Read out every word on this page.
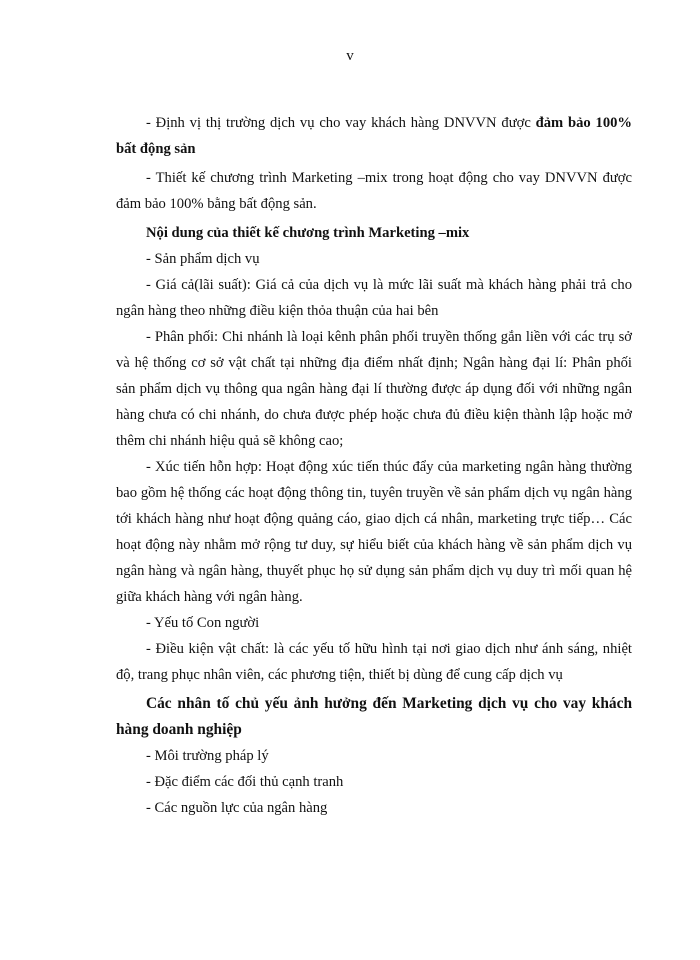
v

- Định vị thị trường dịch vụ cho vay khách hàng DNVVN được đảm bảo 100% bất động sản

- Thiết kế chương trình Marketing –mix trong hoạt động cho vay DNVVN được đảm bảo 100% bằng bất động sản.

Nội dung của thiết kế chương trình Marketing –mix

- Sản phẩm dịch vụ

- Giá cả(lãi suất): Giá cả của dịch vụ là mức lãi suất mà khách hàng phải trả cho ngân hàng theo những điều kiện thỏa thuận của hai bên

- Phân phối: Chi nhánh là loại kênh phân phối truyền thống gắn liền với các trụ sở và hệ thống cơ sở vật chất tại những địa điểm nhất định; Ngân hàng đại lí: Phân phối sản phẩm dịch vụ thông qua ngân hàng đại lí thường được áp dụng đối với những ngân hàng chưa có chi nhánh, do chưa được phép hoặc chưa đủ điều kiện thành lập hoặc mở thêm chi nhánh hiệu quả sẽ không cao;

- Xúc tiến hỗn hợp: Hoạt động xúc tiến thúc đẩy của marketing ngân hàng thường bao gồm hệ thống các hoạt động thông tin, tuyên truyền về sản phẩm dịch vụ ngân hàng tới khách hàng như hoạt động quảng cáo, giao dịch cá nhân, marketing trực tiếp… Các hoạt động này nhằm mở rộng tư duy, sự hiểu biết của khách hàng về sản phẩm dịch vụ ngân hàng và ngân hàng, thuyết phục họ sử dụng sản phẩm dịch vụ duy trì mối quan hệ giữa khách hàng với ngân hàng.

- Yếu tố Con người

- Điều kiện vật chất: là các yếu tố hữu hình tại nơi giao dịch như ánh sáng, nhiệt độ, trang phục nhân viên, các phương tiện, thiết bị dùng để cung cấp dịch vụ

Các nhân tố chủ yếu ảnh hưởng đến Marketing dịch vụ cho vay khách hàng doanh nghiệp

- Môi trường pháp lý

- Đặc điểm các đối thủ cạnh tranh

- Các nguồn lực của ngân hàng
